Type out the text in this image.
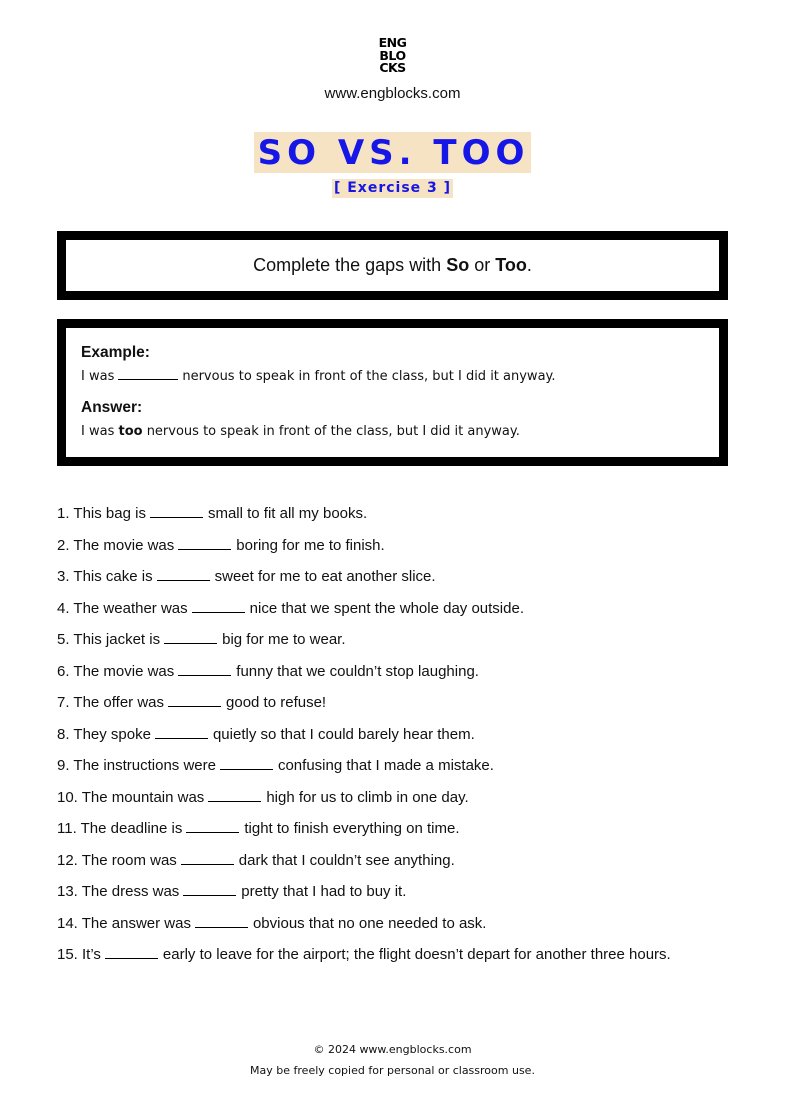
ENG
BLO
CKS
www.engblocks.com
SO VS. TOO
[ Exercise 3 ]
Complete the gaps with So or Too.
Example:
I was	nervous to speak in front of the class, but I did it anyway.
Answer:
I was too nervous to speak in front of the class, but I did it anyway.
1. This bag is	small to fit all my books.
2. The movie was	boring for me to finish.
3. This cake is	sweet for me to eat another slice.
4. The weather was	nice that we spent the whole day outside.
5. This jacket is	big for me to wear.
6. The movie was	funny that we couldn’t stop laughing.
7. The offer was	good to refuse!
8. They spoke	quietly so that I could barely hear them.
9. The instructions were	confusing that I made a mistake.
10. The mountain was	high for us to climb in one day.
11. The deadline is	tight to finish everything on time.
12. The room was	dark that I couldn’t see anything.
13. The dress was	pretty that I had to buy it.
14. The answer was	obvious that no one needed to ask.
15. It’s	early to leave for the airport; the flight doesn’t depart for another three hours.
© 2024 www.engblocks.com
May be freely copied for personal or classroom use.
